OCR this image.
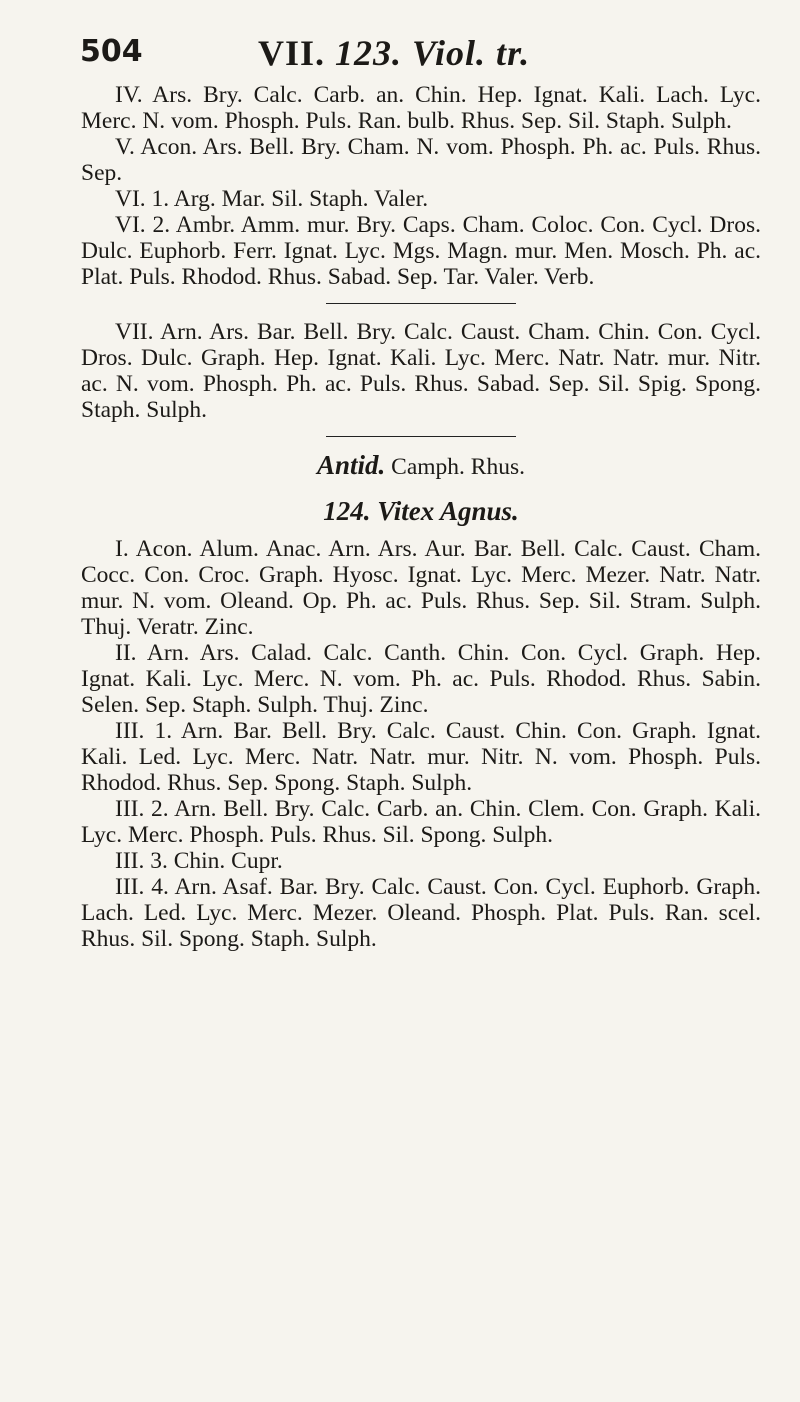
504	VII. 123. Viol. tr.

IV. Ars. Bry. Calc. Carb. an. Chin. Hep. Ignat. Kali. Lach. Lyc. Merc. N. vom. Phosph. Puls. Ran. bulb. Rhus. Sep. Sil. Staph. Sulph.

V. Acon. Ars. Bell. Bry. Cham. N. vom. Phosph. Ph. ac. Puls. Rhus. Sep.

VI. 1. Arg. Mar. Sil. Staph. Valer.

VI. 2. Ambr. Amm. mur. Bry. Caps. Cham. Coloc. Con. Cycl. Dros. Dulc. Euphorb. Ferr. Ignat. Lyc. Mgs. Magn. mur. Men. Mosch. Ph. ac. Plat. Puls. Rhodod. Rhus. Sabad. Sep. Tar. Valer. Verb.

VII. Arn. Ars. Bar. Bell. Bry. Calc. Caust. Cham. Chin. Con. Cycl. Dros. Dulc. Graph. Hep. Ignat. Kali. Lyc. Merc. Natr. Natr. mur. Nitr. ac. N. vom. Phosph. Ph. ac. Puls. Rhus. Sabad. Sep. Sil. Spig. Spong. Staph. Sulph.

Antid. Camph. Rhus.

124. Vitex Agnus.

I. Acon. Alum. Anac. Arn. Ars. Aur. Bar. Bell. Calc. Caust. Cham. Cocc. Con. Croc. Graph. Hyosc. Ignat. Lyc. Merc. Mezer. Natr. Natr. mur. N. vom. Oleand. Op. Ph. ac. Puls. Rhus. Sep. Sil. Stram. Sulph. Thuj. Veratr. Zinc.

II. Arn. Ars. Calad. Calc. Canth. Chin. Con. Cycl. Graph. Hep. Ignat. Kali. Lyc. Merc. N. vom. Ph. ac. Puls. Rhodod. Rhus. Sabin. Selen. Sep. Staph. Sulph. Thuj. Zinc.

III. 1. Arn. Bar. Bell. Bry. Calc. Caust. Chin. Con. Graph. Ignat. Kali. Led. Lyc. Merc. Natr. Natr. mur. Nitr. N. vom. Phosph. Puls. Rhodod. Rhus. Sep. Spong. Staph. Sulph.

III. 2. Arn. Bell. Bry. Calc. Carb. an. Chin. Clem. Con. Graph. Kali. Lyc. Merc. Phosph. Puls. Rhus. Sil. Spong. Sulph.

III. 3. Chin. Cupr.

III. 4. Arn. Asaf. Bar. Bry. Calc. Caust. Con. Cycl. Euphorb. Graph. Lach. Led. Lyc. Merc. Mezer. Oleand. Phosph. Plat. Puls. Ran. scel. Rhus. Sil. Spong. Staph. Sulph.
